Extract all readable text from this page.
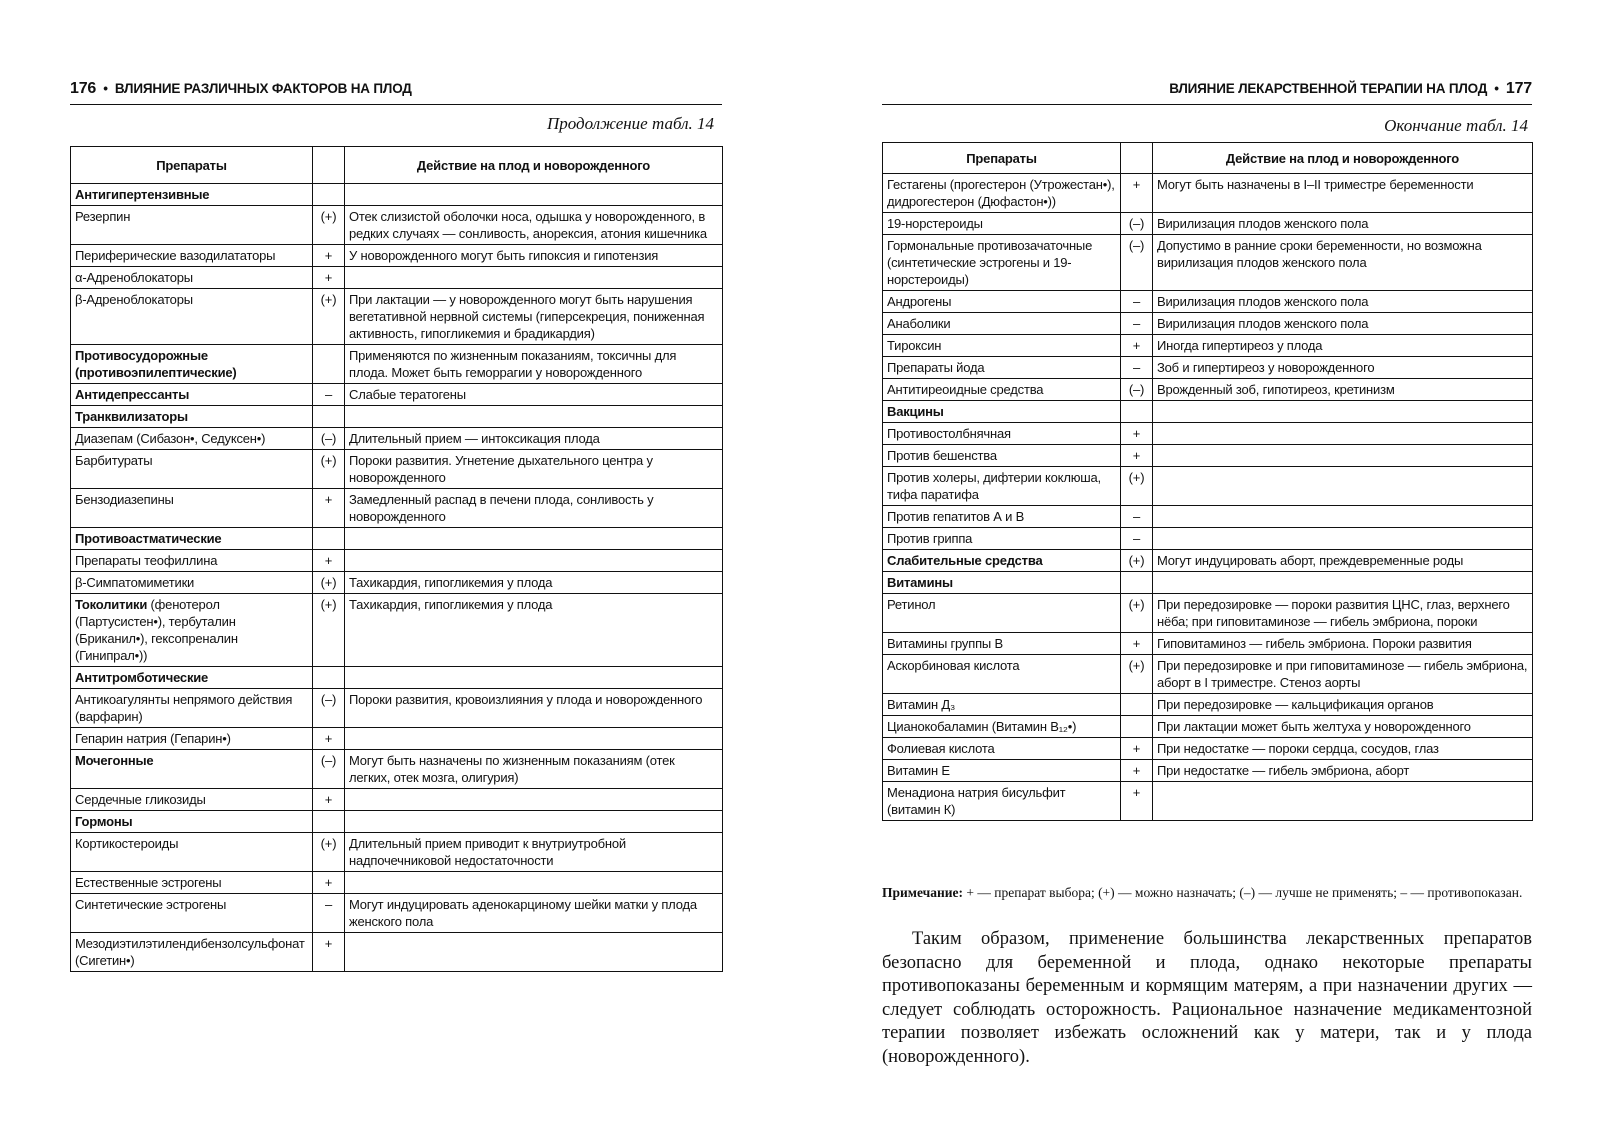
176  •  ВЛИЯНИЕ РАЗЛИЧНЫХ ФАКТОРОВ НА ПЛОД
Продолжение табл. 14
Препараты		Действие на плод и новорожденного
Антигипертензивные		
Резерпин	(+)	Отек слизистой оболочки носа, одышка у новорожденного, в редких случаях — сонливость, анорексия, атония кишечника
Периферические вазодилататоры	+	У новорожденного могут быть гипоксия и гипотензия
α-Адреноблокаторы	+	
β-Адреноблокаторы	(+)	При лактации — у новорожденного могут быть нарушения вегетативной нервной системы (гиперсекреция, пониженная активность, гипогликемия и брадикардия)
Противосудорожные (противоэпилептические)		Применяются по жизненным показаниям, токсичны для плода. Может быть геморрагии у новорожденного
Антидепрессанты	–	Слабые тератогены
Транквилизаторы		
Диазепам (Сибазон•, Седуксен•)	(–)	Длительный прием — интоксикация плода
Барбитураты	(+)	Пороки развития. Угнетение дыхательного центра у новорожденного
Бензодиазепины	+	Замедленный распад в печени плода, сонливость у новорожденного
Противоастматические		
Препараты теофиллина	+	
β-Симпатомиметики	(+)	Тахикардия, гипогликемия у плода
Токолитики (фенотерол (Партусистен•), тербуталин (Бриканил•), гексопреналин (Гинипрал•))	(+)	Тахикардия, гипогликемия у плода
Антитромботические		
Антикоагулянты непрямого действия (варфарин)	(–)	Пороки развития, кровоизлияния у плода и новорожденного
Гепарин натрия (Гепарин•)	+	
Мочегонные	(–)	Могут быть назначены по жизненным показаниям (отек легких, отек мозга, олигурия)
Сердечные гликозиды	+	
Гормоны		
Кортикостероиды	(+)	Длительный прием приводит к внутриутробной надпочечниковой недостаточности
Естественные эстрогены	+	
Синтетические эстрогены	–	Могут индуцировать аденокарциному шейки матки у плода женского пола
Мезодиэтилэтилендибензолсульфонат (Сигетин•)	+	
ВЛИЯНИЕ ЛЕКАРСТВЕННОЙ ТЕРАПИИ НА ПЛОД  •  177
Окончание табл. 14
Препараты		Действие на плод и новорожденного
Гестагены (прогестерон (Утрожестан•), дидрогестерон (Дюфастон•))	+	Могут быть назначены в I–II триместре беременности
19-норстероиды	(–)	Вирилизация плодов женского пола
Гормональные противозачаточные (синтетические эстрогены и 19-норстероиды)	(–)	Допустимо в ранние сроки беременности, но возможна вирилизация плодов женского пола
Андрогены	–	Вирилизация плодов женского пола
Анаболики	–	Вирилизация плодов женского пола
Тироксин	+	Иногда гипертиреоз у плода
Препараты йода	–	Зоб и гипертиреоз у новорожденного
Антитиреоидные средства	(–)	Врожденный зоб, гипотиреоз, кретинизм
Вакцины		
Противостолбнячная	+	
Против бешенства	+	
Против холеры, дифтерии коклюша, тифа паратифа	(+)	
Против гепатитов А и В	–	
Против гриппа	–	
Слабительные средства	(+)	Могут индуцировать аборт, преждевременные роды
Витамины		
Ретинол	(+)	При передозировке — пороки развития ЦНС, глаз, верхнего нёба; при гиповитаминозе — гибель эмбриона, пороки
Витамины группы В	+	Гиповитаминоз — гибель эмбриона. Пороки развития
Аскорбиновая кислота	(+)	При передозировке и при гиповитаминозе — гибель эмбриона, аборт в I триместре. Стеноз аорты
Витамин Д₃		При передозировке — кальцификация органов
Цианокобаламин (Витамин В₁₂•)		При лактации может быть желтуха у новорожденного
Фолиевая кислота	+	При недостатке — пороки сердца, сосудов, глаз
Витамин Е	+	При недостатке — гибель эмбриона, аборт
Менадиона натрия бисульфит (витамин К)	+	
Примечание: + — препарат выбора; (+) — можно назначать; (–) — лучше не применять; – — противопоказан.
Таким образом, применение большинства лекарственных препаратов безопасно для беременной и плода, однако некоторые препараты противопоказаны беременным и кормящим матерям, а при назначении других — следует соблюдать осторожность. Рациональное назначение медикаментозной терапии позволяет избежать осложнений как у матери, так и у плода (новорожденного).
